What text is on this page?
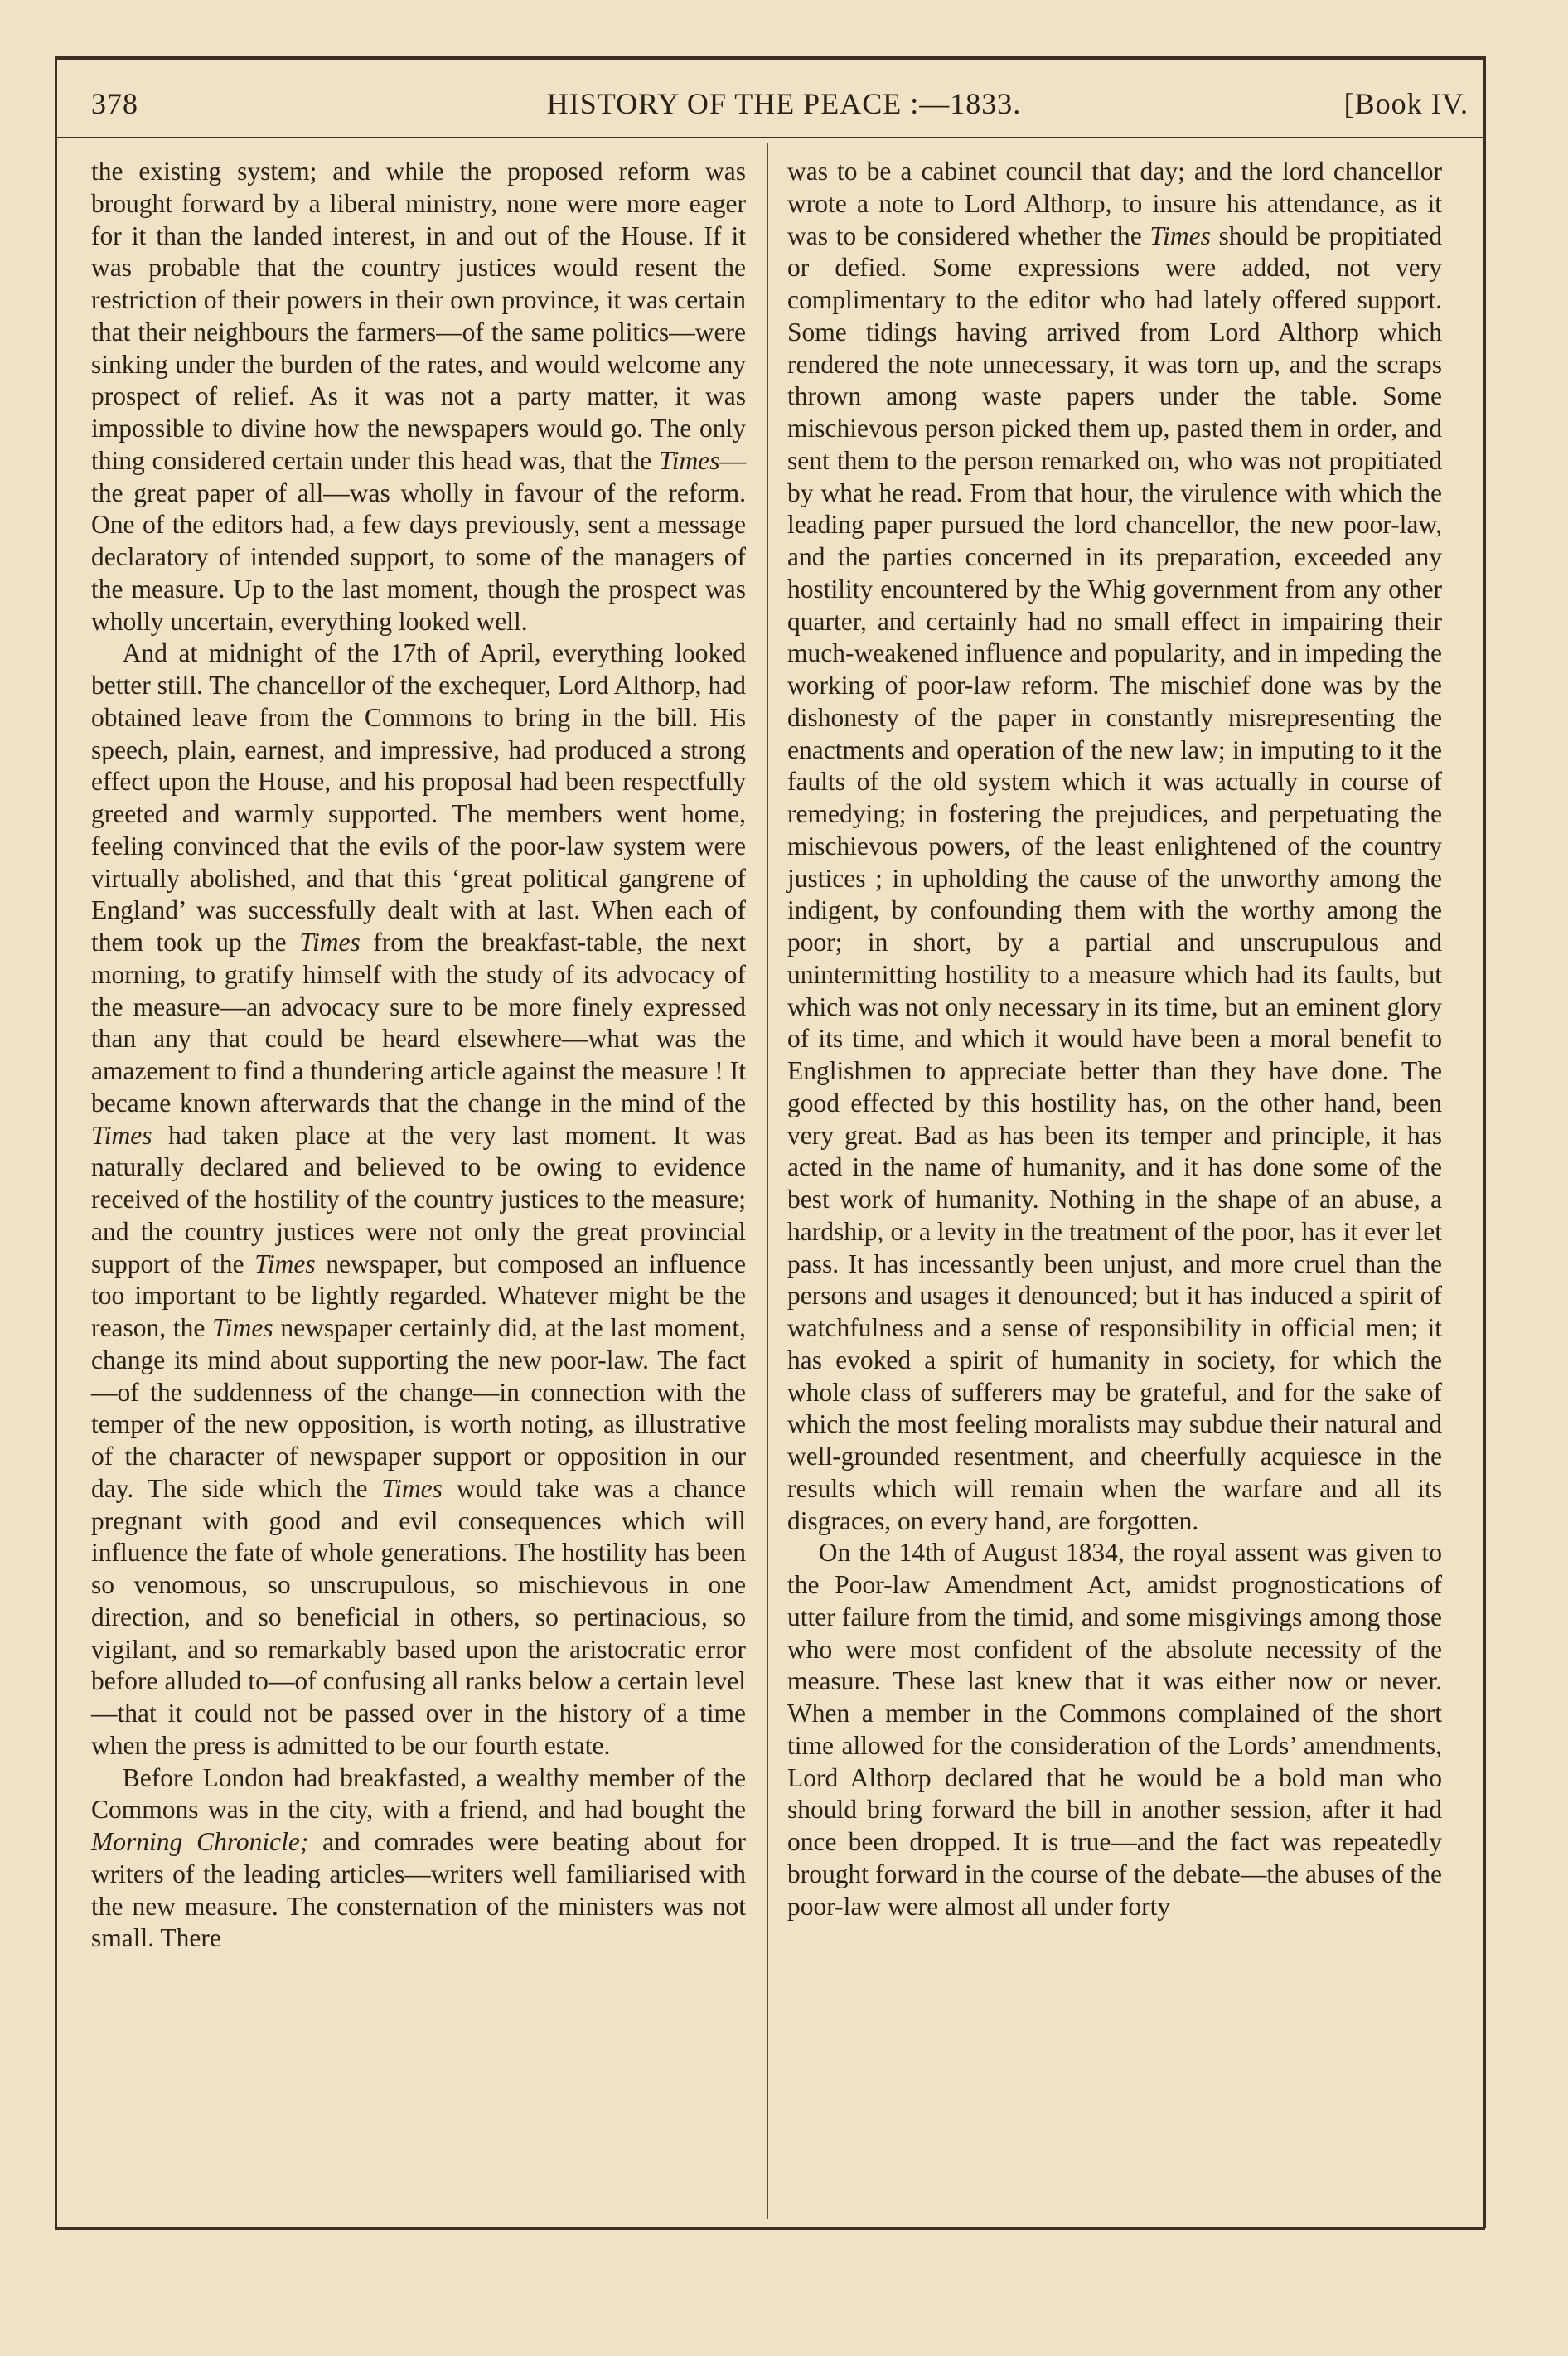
378	HISTORY OF THE PEACE :—1833.	[Book IV.

the existing system; and while the proposed reform was brought forward by a liberal ministry, none were more eager for it than the landed interest, in and out of the House. If it was probable that the country justices would resent the restriction of their powers in their own province, it was certain that their neighbours the farmers—of the same politics—were sinking under the burden of the rates, and would welcome any prospect of relief. As it was not a party matter, it was impossible to divine how the newspapers would go. The only thing considered certain under this head was, that the Times—the great paper of all—was wholly in favour of the reform. One of the editors had, a few days previously, sent a message declaratory of intended support, to some of the managers of the measure. Up to the last moment, though the prospect was wholly uncertain, everything looked well.

And at midnight of the 17th of April, everything looked better still. The chancellor of the exchequer, Lord Althorp, had obtained leave from the Commons to bring in the bill. His speech, plain, earnest, and impressive, had produced a strong effect upon the House, and his proposal had been respectfully greeted and warmly supported. The members went home, feeling convinced that the evils of the poor-law system were virtually abolished, and that this ‘great political gangrene of England’ was successfully dealt with at last. When each of them took up the Times from the breakfast-table, the next morning, to gratify himself with the study of its advocacy of the measure—an advocacy sure to be more finely expressed than any that could be heard elsewhere—what was the amazement to find a thundering article against the measure ! It became known afterwards that the change in the mind of the Times had taken place at the very last moment. It was naturally declared and believed to be owing to evidence received of the hostility of the country justices to the measure; and the country justices were not only the great provincial support of the Times newspaper, but composed an influence too important to be lightly regarded. Whatever might be the reason, the Times newspaper certainly did, at the last moment, change its mind about supporting the new poor-law. The fact—of the suddenness of the change—in connection with the temper of the new opposition, is worth noting, as illustrative of the character of newspaper support or opposition in our day. The side which the Times would take was a chance pregnant with good and evil consequences which will influence the fate of whole generations. The hostility has been so venomous, so unscrupulous, so mischievous in one direction, and so beneficial in others, so pertinacious, so vigilant, and so remarkably based upon the aristocratic error before alluded to—of confusing all ranks below a certain level—that it could not be passed over in the history of a time when the press is admitted to be our fourth estate.

Before London had breakfasted, a wealthy member of the Commons was in the city, with a friend, and had bought the Morning Chronicle; and comrades were beating about for writers of the leading articles—writers well familiarised with the new measure. The consternation of the ministers was not small. There

was to be a cabinet council that day; and the lord chancellor wrote a note to Lord Althorp, to insure his attendance, as it was to be considered whether the Times should be propitiated or defied. Some expressions were added, not very complimentary to the editor who had lately offered support. Some tidings having arrived from Lord Althorp which rendered the note unnecessary, it was torn up, and the scraps thrown among waste papers under the table. Some mischievous person picked them up, pasted them in order, and sent them to the person remarked on, who was not propitiated by what he read. From that hour, the virulence with which the leading paper pursued the lord chancellor, the new poor-law, and the parties concerned in its preparation, exceeded any hostility encountered by the Whig government from any other quarter, and certainly had no small effect in impairing their much-weakened influence and popularity, and in impeding the working of poor-law reform. The mischief done was by the dishonesty of the paper in constantly misrepresenting the enactments and operation of the new law; in imputing to it the faults of the old system which it was actually in course of remedying; in fostering the prejudices, and perpetuating the mischievous powers, of the least enlightened of the country justices ; in upholding the cause of the unworthy among the indigent, by confounding them with the worthy among the poor; in short, by a partial and unscrupulous and unintermitting hostility to a measure which had its faults, but which was not only necessary in its time, but an eminent glory of its time, and which it would have been a moral benefit to Englishmen to appreciate better than they have done. The good effected by this hostility has, on the other hand, been very great. Bad as has been its temper and principle, it has acted in the name of humanity, and it has done some of the best work of humanity. Nothing in the shape of an abuse, a hardship, or a levity in the treatment of the poor, has it ever let pass. It has incessantly been unjust, and more cruel than the persons and usages it denounced; but it has induced a spirit of watchfulness and a sense of responsibility in official men; it has evoked a spirit of humanity in society, for which the whole class of sufferers may be grateful, and for the sake of which the most feeling moralists may subdue their natural and well-grounded resentment, and cheerfully acquiesce in the results which will remain when the warfare and all its disgraces, on every hand, are forgotten.

On the 14th of August 1834, the royal assent was given to the Poor-law Amendment Act, amidst prognostications of utter failure from the timid, and some misgivings among those who were most confident of the absolute necessity of the measure. These last knew that it was either now or never. When a member in the Commons complained of the short time allowed for the consideration of the Lords’ amendments, Lord Althorp declared that he would be a bold man who should bring forward the bill in another session, after it had once been dropped. It is true—and the fact was repeatedly brought forward in the course of the debate—the abuses of the poor-law were almost all under forty
